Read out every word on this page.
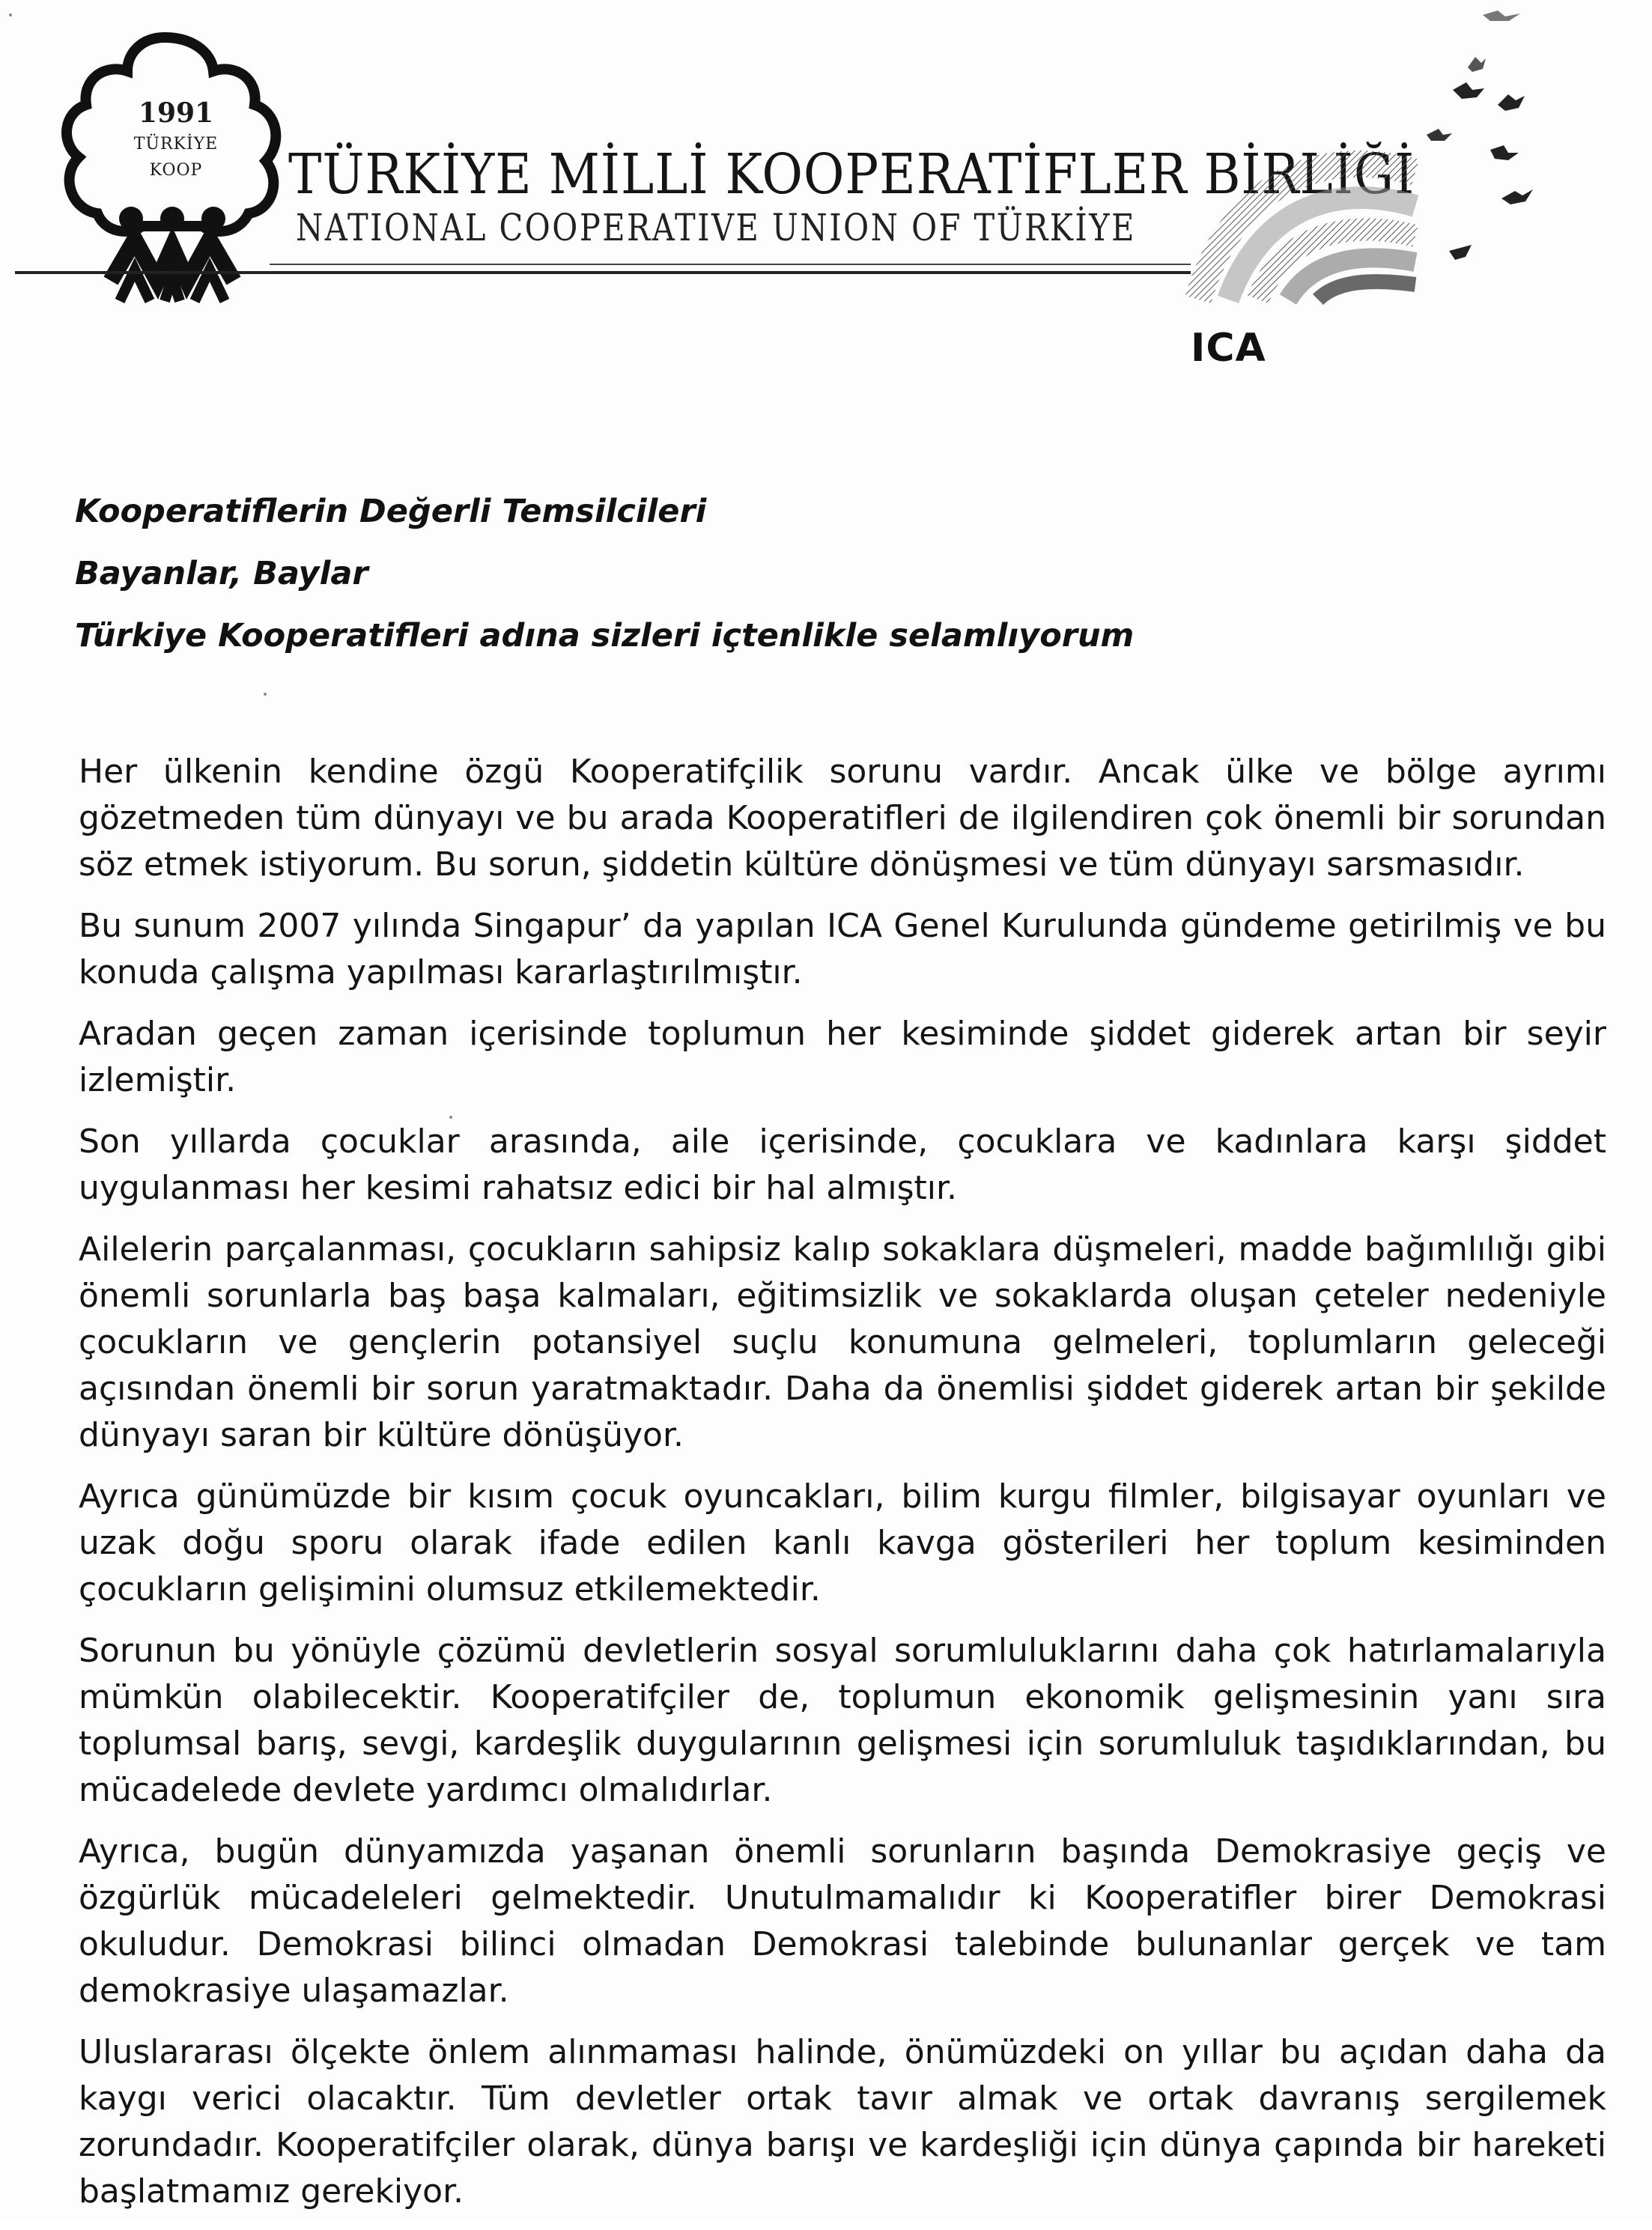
1991
TÜRKİYE
KOOP	TÜRKİYE MİLLİ KOOPERATİFLER BİRLİĞİ
NATIONAL COOPERATIVE UNION OF TÜRKİYE
ICA
Kooperatiflerin Değerli Temsilcileri
Bayanlar, Baylar
Türkiye Kooperatifleri adına sizleri içtenlikle selamlıyorum

Her ülkenin kendine özgü Kooperatifçilik sorunu vardır. Ancak ülke ve bölge ayrımı gözetmeden tüm dünyayı ve bu arada Kooperatifleri de ilgilendiren çok önemli bir sorundan söz etmek istiyorum. Bu sorun, şiddetin kültüre dönüşmesi ve tüm dünyayı sarsmasıdır.

Bu sunum 2007 yılında Singapur’ da yapılan ICA Genel Kurulunda gündeme getirilmiş ve bu konuda çalışma yapılması kararlaştırılmıştır.

Aradan geçen zaman içerisinde toplumun her kesiminde şiddet giderek artan bir seyir izlemiştir.

Son yıllarda çocuklar arasında, aile içerisinde, çocuklara ve kadınlara karşı şiddet uygulanması her kesimi rahatsız edici bir hal almıştır.

Ailelerin parçalanması, çocukların sahipsiz kalıp sokaklara düşmeleri, madde bağımlılığı gibi önemli sorunlarla baş başa kalmaları, eğitimsizlik ve sokaklarda oluşan çeteler nedeniyle çocukların ve gençlerin potansiyel suçlu konumuna gelmeleri, toplumların geleceği açısından önemli bir sorun yaratmaktadır. Daha da önemlisi şiddet giderek artan bir şekilde dünyayı saran bir kültüre dönüşüyor.

Ayrıca günümüzde bir kısım çocuk oyuncakları, bilim kurgu filmler, bilgisayar oyunları ve uzak doğu sporu olarak ifade edilen kanlı kavga gösterileri her toplum kesiminden çocukların gelişimini olumsuz etkilemektedir.

Sorunun bu yönüyle çözümü devletlerin sosyal sorumluluklarını daha çok hatırlamalarıyla mümkün olabilecektir. Kooperatifçiler de, toplumun ekonomik gelişmesinin yanı sıra toplumsal barış, sevgi, kardeşlik duygularının gelişmesi için sorumluluk taşıdıklarından, bu mücadelede devlete yardımcı olmalıdırlar.

Ayrıca, bugün dünyamızda yaşanan önemli sorunların başında Demokrasiye geçiş ve özgürlük mücadeleleri gelmektedir. Unutulmamalıdır ki Kooperatifler birer Demokrasi okuludur. Demokrasi bilinci olmadan Demokrasi talebinde bulunanlar gerçek ve tam demokrasiye ulaşamazlar.

Uluslararası ölçekte önlem alınmaması halinde, önümüzdeki on yıllar bu açıdan daha da kaygı verici olacaktır. Tüm devletler ortak tavır almak ve ortak davranış sergilemek zorundadır. Kooperatifçiler olarak, dünya barışı ve kardeşliği için dünya çapında bir hareketi başlatmamız gerekiyor.
